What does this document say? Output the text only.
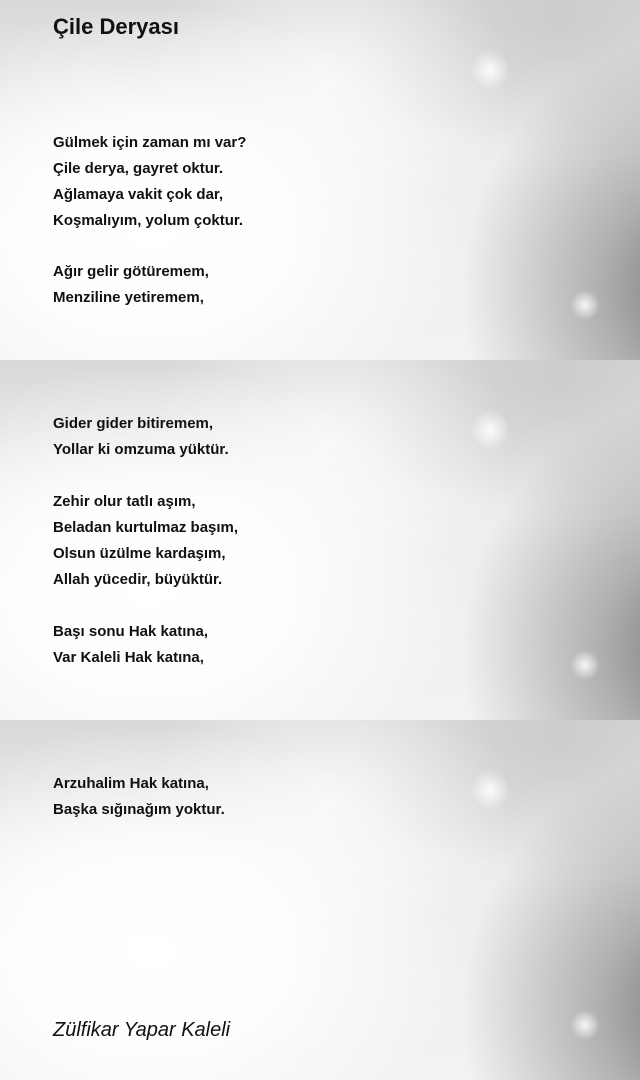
Çile Deryası
Gülmek için zaman mı var?
Çile derya, gayret oktur.
Ağlamaya vakit çok dar,
Koşmalıyım, yolum çoktur.
Ağır gelir götüremem,
Menziline yetiremem,
Gider gider bitiremem,
Yollar ki omzuma yüktür.
Zehir olur tatlı aşım,
Beladan kurtulmaz başım,
Olsun üzülme kardaşım,
Allah yücedir, büyüktür.
Başı sonu Hak katına,
Var Kaleli Hak katına,
Arzuhalim Hak katına,
Başka sığınağım yoktur.
Zülfikar Yapar Kaleli
